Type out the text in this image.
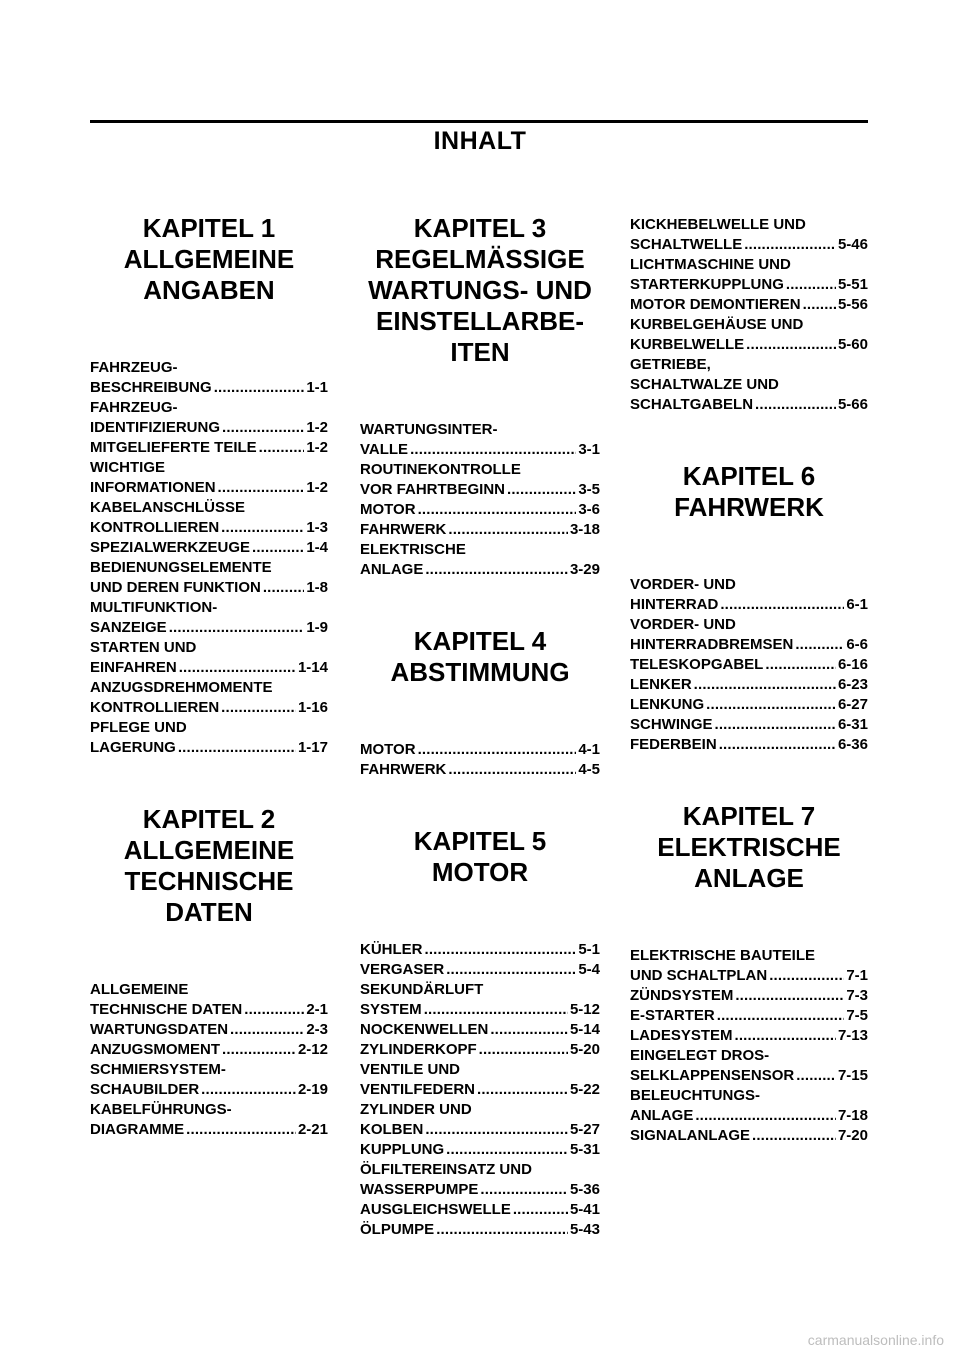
INHALT
KAPITEL 1
ALLGEMEINE
ANGABEN
FAHRZEUG-
BESCHREIBUNG . . .	1-1
FAHRZEUG-
IDENTIFIZIERUNG . . .	1-2
MITGELIEFERTE TEILE . . .	1-2
WICHTIGE
INFORMATIONEN . . .	1-2
KABELANSCHLÜSSE
KONTROLLIEREN . . .	1-3
SPEZIALWERKZEUGE . . .	1-4
BEDIENUNGSELEMENTE
UND DEREN FUNKTION . . .	1-8
MULTIFUNKTION-
SANZEIGE . . .	1-9
STARTEN UND
EINFAHREN . . .	1-14
ANZUGSDREHMOMENTE
KONTROLLIEREN . . .	1-16
PFLEGE UND
LAGERUNG . . .	1-17
KAPITEL 2
ALLGEMEINE
TECHNISCHE
DATEN
ALLGEMEINE
TECHNISCHE DATEN . . .	2-1
WARTUNGSDATEN . . .	2-3
ANZUGSMOMENT . . .	2-12
SCHMIERSYSTEM-
SCHAUBILDER . . .	2-19
KABELFÜHRUNGS-
DIAGRAMME . . .	2-21
KAPITEL 3
REGELMÄSSIGE
WARTUNGS- UND
EINSTELLARBE-
ITEN
WARTUNGSINTER-
VALLE . . .	3-1
ROUTINEKONTROLLE
VOR FAHRTBEGINN . . .	3-5
MOTOR . . .	3-6
FAHRWERK . . .	3-18
ELEKTRISCHE
ANLAGE . . .	3-29
KAPITEL 4
ABSTIMMUNG
MOTOR . . .	4-1
FAHRWERK . . .	4-5
KAPITEL 5
MOTOR
KÜHLER . . .	5-1
VERGASER . . .	5-4
SEKUNDÄRLUFT
SYSTEM . . .	5-12
NOCKENWELLEN . . .	5-14
ZYLINDERKOPF . . .	5-20
VENTILE UND
VENTILFEDERN . . .	5-22
ZYLINDER UND
KOLBEN . . .	5-27
KUPPLUNG . . .	5-31
ÖLFILTEREINSATZ UND
WASSERPUMPE . . .	5-36
AUSGLEICHSWELLE . . .	5-41
ÖLPUMPE . . .	5-43
KICKHEBELWELLE UND
SCHALTWELLE . . .	5-46
LICHTMASCHINE UND
STARTERKUPPLUNG . . .	5-51
MOTOR DEMONTIEREN . . . 5-56
KURBELGEHÄUSE UND
KURBELWELLE . . .	5-60
GETRIEBE,
SCHALTWALZE UND
SCHALTGABELN . . .	5-66
KAPITEL 6
FAHRWERK
VORDER- UND
HINTERRAD . . .	6-1
VORDER- UND
HINTERRADBREMSEN . . .	6-6
TELESKOPGABEL . . .	6-16
LENKER . . .	6-23
LENKUNG . . .	6-27
SCHWINGE . . .	6-31
FEDERBEIN . . .	6-36
KAPITEL 7
ELEKTRISCHE
ANLAGE
ELEKTRISCHE BAUTEILE
UND SCHALTPLAN . . .	7-1
ZÜNDSYSTEM . . .	7-3
E-STARTER . . .	7-5
LADESYSTEM . . .	7-13
EINGELEGT DROS-
SELKLAPPENSENSOR . . .	7-15
BELEUCHTUNGS-
ANLAGE . . .	7-18
SIGNALANLAGE . . .	7-20
carmanualsonline.info
